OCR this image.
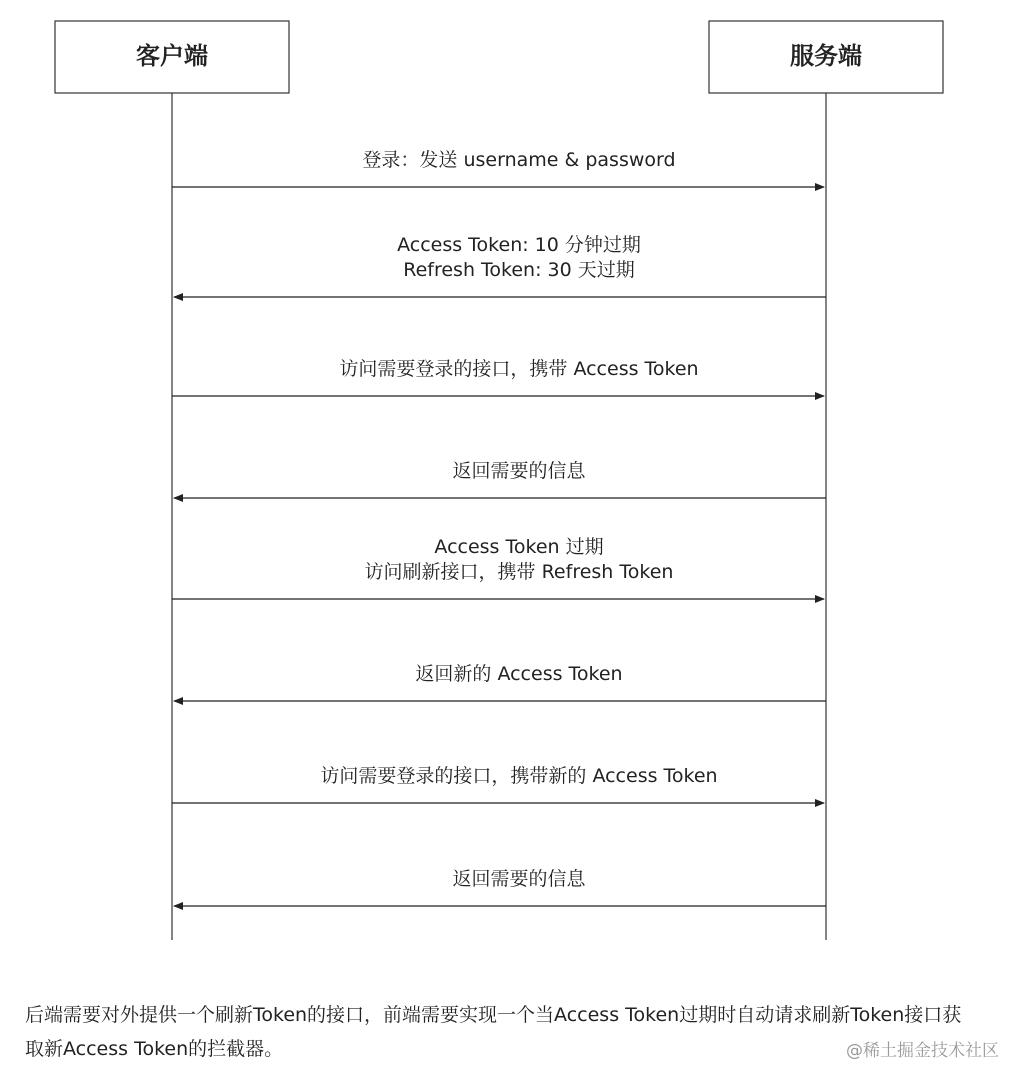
客户端	服务端
登录：发送 username & password
Access Token: 10 分钟过期
Refresh Token: 30 天过期
访问需要登录的接口，携带 Access Token
返回需要的信息
Access Token 过期
访问刷新接口，携带 Refresh Token
返回新的 Access Token
访问需要登录的接口，携带新的 Access Token
返回需要的信息
后端需要对外提供一个刷新Token的接口，前端需要实现一个当Access Token过期时自动请求刷新Token接口获取新Access Token的拦截器。	@稀土掘金技术社区
